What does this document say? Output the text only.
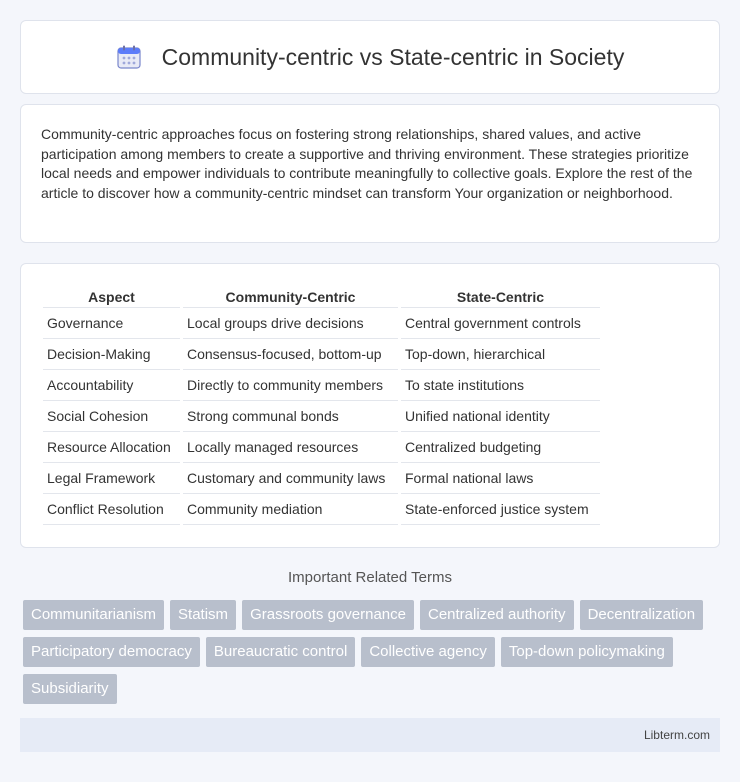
Community-centric vs State-centric in Society

Community-centric approaches focus on fostering strong relationships, shared values, and active participation among members to create a supportive and thriving environment. These strategies prioritize local needs and empower individuals to contribute meaningfully to collective goals. Explore the rest of the article to discover how a community-centric mindset can transform Your organization or neighborhood.

Aspect	Community-Centric	State-Centric
Governance	Local groups drive decisions	Central government controls
Decision-Making	Consensus-focused, bottom-up	Top-down, hierarchical
Accountability	Directly to community members	To state institutions
Social Cohesion	Strong communal bonds	Unified national identity
Resource Allocation	Locally managed resources	Centralized budgeting
Legal Framework	Customary and community laws	Formal national laws
Conflict Resolution	Community mediation	State-enforced justice system
Important Related Terms
Communitarianism	Statism	Grassroots governance	Centralized authority	Decentralization
Participatory democracy	Bureaucratic control	Collective agency	Top-down policymaking
Subsidiarity
Libterm.com
